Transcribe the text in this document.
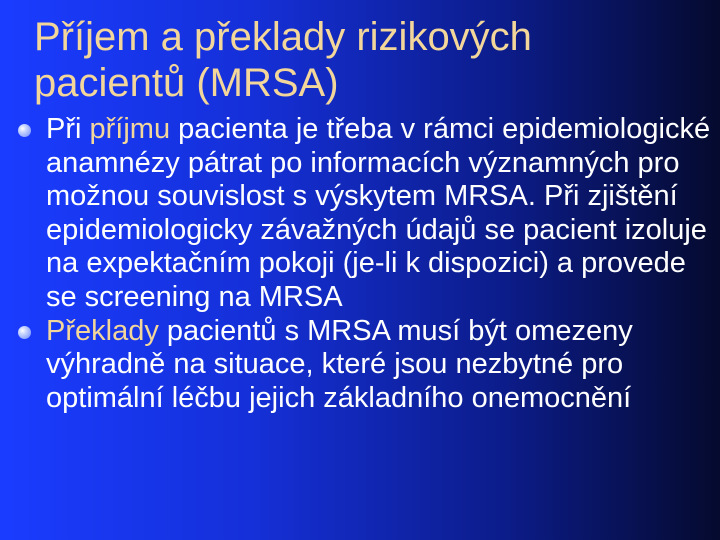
Příjem a překlady rizikových
pacientů (MRSA)
Při příjmu pacienta je třeba v rámci epidemiologické anamnézy pátrat po informacích významných pro možnou souvislost s výskytem MRSA. Při zjištění epidemiologicky závažných údajů se pacient izoluje na expektačním pokoji (je-li k dispozici) a provede se screening na MRSA
Překlady pacientů s MRSA musí být omezeny výhradně na situace, které jsou nezbytné pro optimální léčbu jejich základního onemocnění
